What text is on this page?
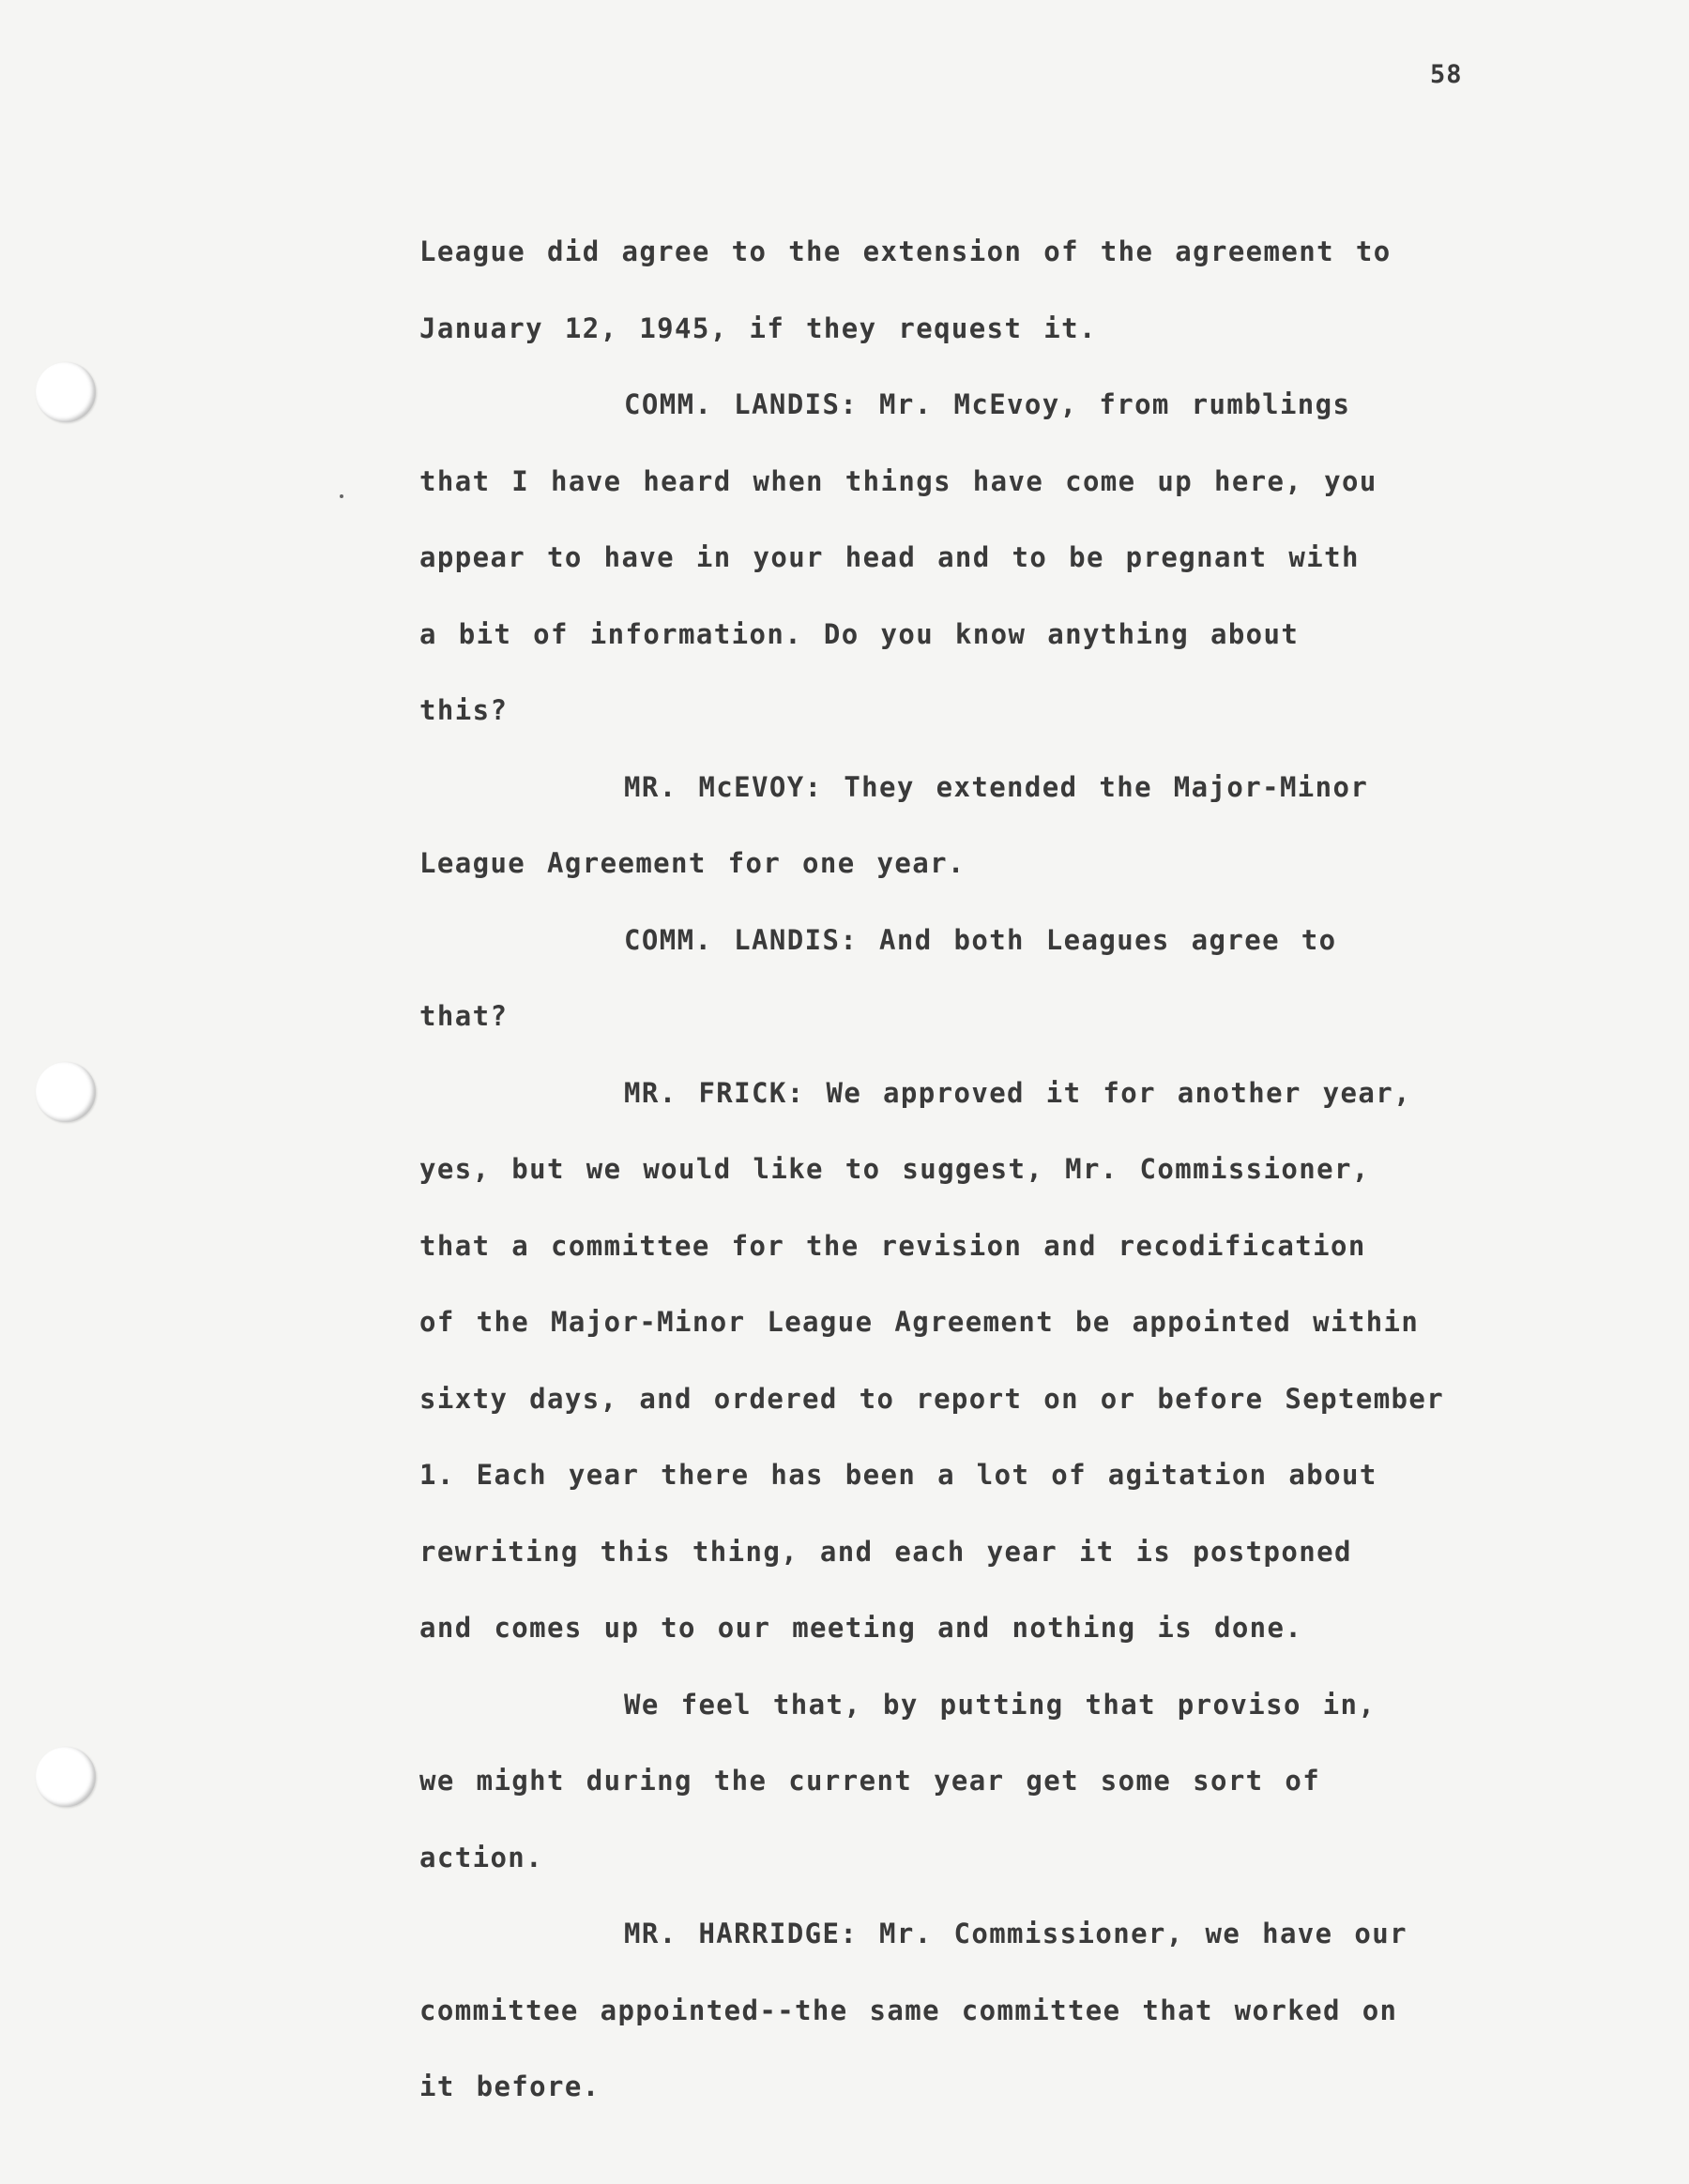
58
League did agree to the extension of the agreement to
January 12, 1945, if they request it.
COMM. LANDIS: Mr. McEvoy, from rumblings
that I have heard when things have come up here, you
appear to have in your head and to be pregnant with
a bit of information. Do you know anything about
this?
MR. McEVOY: They extended the Major-Minor
League Agreement for one year.
COMM. LANDIS: And both Leagues agree to
that?
MR. FRICK: We approved it for another year,
yes, but we would like to suggest, Mr. Commissioner,
that a committee for the revision and recodification
of the Major-Minor League Agreement be appointed within
sixty days, and ordered to report on or before September
1. Each year there has been a lot of agitation about
rewriting this thing, and each year it is postponed
and comes up to our meeting and nothing is done.
We feel that, by putting that proviso in,
we might during the current year get some sort of
action.
MR. HARRIDGE: Mr. Commissioner, we have our
committee appointed--the same committee that worked on
it before.
